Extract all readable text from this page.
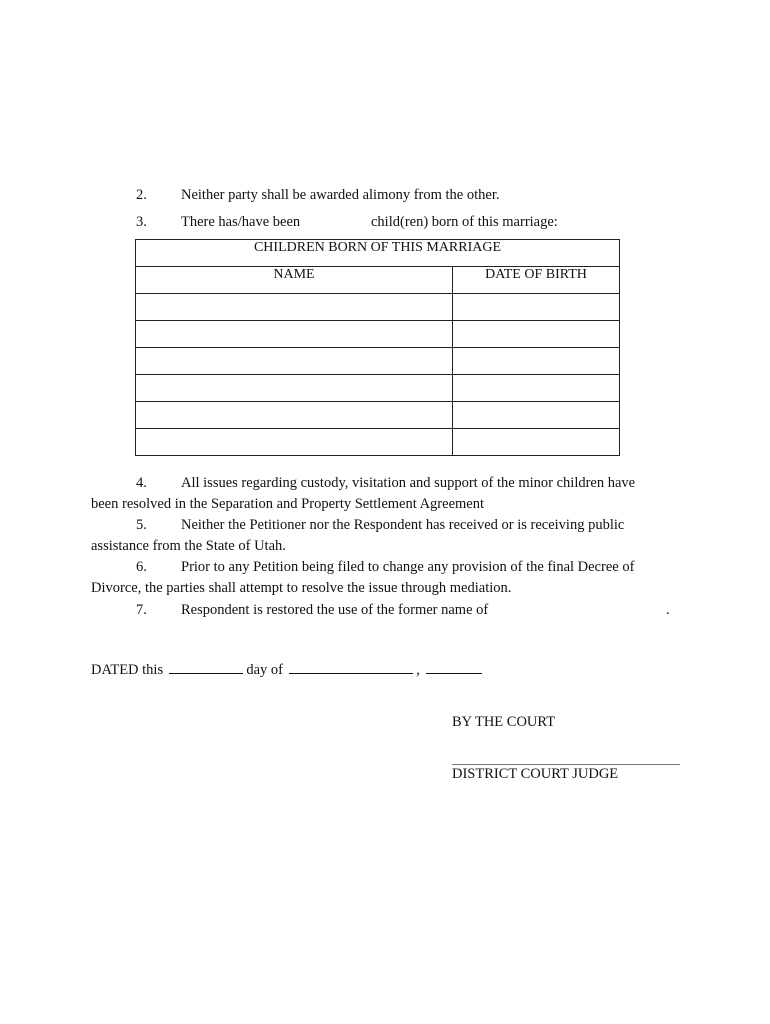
2.	Neither party shall be awarded alimony from the other.
3.	There has/have been	child(ren) born of this marriage:
CHILDREN BORN OF THIS MARRIAGE	
NAME	DATE OF BIRTH

4.	All issues regarding custody, visitation and support of the minor children have
been resolved in the Separation and Property Settlement Agreement
5.	Neither the Petitioner nor the Respondent has received or is receiving public
assistance from the State of Utah.
6.	Prior to any Petition being filed to change any provision of the final Decree of
Divorce, the parties shall attempt to resolve the issue through mediation.
7.	Respondent is restored the use of the former name of	.
DATED this	day of	,
BY THE COURT
DISTRICT COURT JUDGE
